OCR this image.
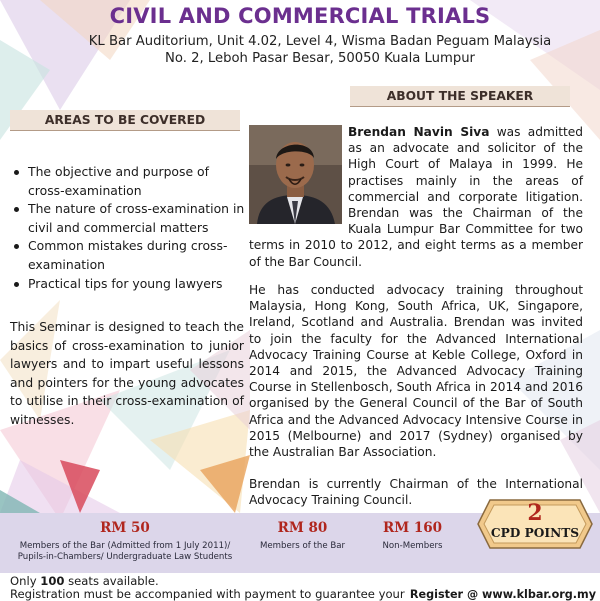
CIVIL AND COMMERCIAL TRIALS
KL Bar Auditorium, Unit 4.02, Level 4, Wisma Badan Peguam Malaysia
No. 2, Leboh Pasar Besar, 50050 Kuala Lumpur
ABOUT THE SPEAKER
AREAS TO BE COVERED
Brendan Navin Siva was admitted as an advocate and solicitor of the High Court of Malaya in 1999. He practises mainly in the areas of commercial and corporate litigation. Brendan was the Chairman of the Kuala Lumpur Bar Committee for two terms in 2010 to 2012, and eight terms as a member of the Bar Council.
He has conducted advocacy training throughout Malaysia, Hong Kong, South Africa, UK, Singapore, Ireland, Scotland and Australia. Brendan was invited to join the faculty for the Advanced International Advocacy Training Course at Keble College, Oxford in 2014 and 2015, the Advanced Advocacy Training Course in Stellenbosch, South Africa in 2014 and 2016 organised by the General Council of the Bar of South Africa and the Advanced Advocacy Intensive Course in 2015 (Melbourne) and 2017 (Sydney) organised by the Australian Bar Association.
Brendan is currently Chairman of the International Advocacy Training Council.
The objective and purpose of cross-examination
The nature of cross-examination in civil and commercial matters
Common mistakes during cross-examination
Practical tips for young lawyers
This Seminar is designed to teach the basics of cross-examination to junior lawyers and to impart useful lessons and pointers for the young advocates to utilise in their cross-examination of witnesses.
RM 50
Members of the Bar (Admitted from 1 July 2011)/
Pupils-in-Chambers/ Undergraduate Law Students
RM 80
Members of the Bar
RM 160
Non-Members
2
CPD POINTS
Only 100 seats available.
Registration must be accompanied with payment to guarantee your Register @ www.klbar.org.my
